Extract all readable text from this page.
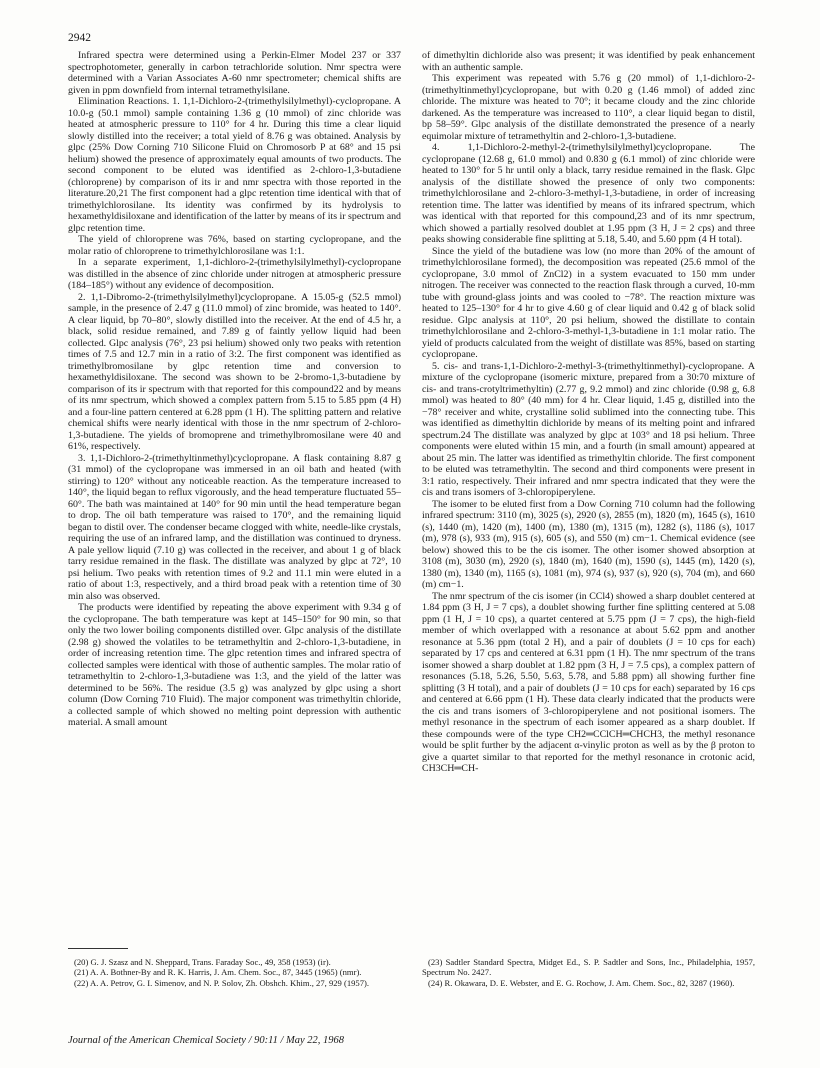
2942

Infrared spectra were determined using a Perkin-Elmer Model 237 or 337 spectrophotometer, generally in carbon tetrachloride solution. Nmr spectra were determined with a Varian Associates A-60 nmr spectrometer; chemical shifts are given in ppm downfield from internal tetramethylsilane.

Elimination Reactions. 1. 1,1-Dichloro-2-(trimethylsilylmethyl)-cyclopropane. A 10.0-g (50.1 mmol) sample containing 1.36 g (10 mmol) of zinc chloride was heated at atmospheric pressure to 110° for 4 hr. During this time a clear liquid slowly distilled into the receiver; a total yield of 8.76 g was obtained. Analysis by glpc (25% Dow Corning 710 Silicone Fluid on Chromosorb P at 68° and 15 psi helium) showed the presence of approximately equal amounts of two products. The second component to be eluted was identified as 2-chloro-1,3-butadiene (chloroprene) by comparison of its ir and nmr spectra with those reported in the literature.20,21 The first component had a glpc retention time identical with that of trimethylchlorosilane. Its identity was confirmed by its hydrolysis to hexamethyldisiloxane and identification of the latter by means of its ir spectrum and glpc retention time.

The yield of chloroprene was 76%, based on starting cyclopropane, and the molar ratio of chloroprene to trimethylchlorosilane was 1:1.

In a separate experiment, 1,1-dichloro-2-(trimethylsilylmethyl)-cyclopropane was distilled in the absence of zinc chloride under nitrogen at atmospheric pressure (184–185°) without any evidence of decomposition.

2. 1,1-Dibromo-2-(trimethylsilylmethyl)cyclopropane. A 15.05-g (52.5 mmol) sample, in the presence of 2.47 g (11.0 mmol) of zinc bromide, was heated to 140°. A clear liquid, bp 70–80°, slowly distilled into the receiver. At the end of 4.5 hr, a black, solid residue remained, and 7.89 g of faintly yellow liquid had been collected. Glpc analysis (76°, 23 psi helium) showed only two peaks with retention times of 7.5 and 12.7 min in a ratio of 3:2. The first component was identified as trimethylbromosilane by glpc retention time and conversion to hexamethyldisiloxane. The second was shown to be 2-bromo-1,3-butadiene by comparison of its ir spectrum with that reported for this compound22 and by means of its nmr spectrum, which showed a complex pattern from 5.15 to 5.85 ppm (4 H) and a four-line pattern centered at 6.28 ppm (1 H). The splitting pattern and relative chemical shifts were nearly identical with those in the nmr spectrum of 2-chloro-1,3-butadiene. The yields of bromoprene and trimethylbromosilane were 40 and 61%, respectively.

3. 1,1-Dichloro-2-(trimethyltinmethyl)cyclopropane. A flask containing 8.87 g (31 mmol) of the cyclopropane was immersed in an oil bath and heated (with stirring) to 120° without any noticeable reaction. As the temperature increased to 140°, the liquid began to reflux vigorously, and the head temperature fluctuated 55–60°. The bath was maintained at 140° for 90 min until the head temperature began to drop. The oil bath temperature was raised to 170°, and the remaining liquid began to distil over. The condenser became clogged with white, needle-like crystals, requiring the use of an infrared lamp, and the distillation was continued to dryness. A pale yellow liquid (7.10 g) was collected in the receiver, and about 1 g of black tarry residue remained in the flask. The distillate was analyzed by glpc at 72°, 10 psi helium. Two peaks with retention times of 9.2 and 11.1 min were eluted in a ratio of about 1:3, respectively, and a third broad peak with a retention time of 30 min also was observed.

The products were identified by repeating the above experiment with 9.34 g of the cyclopropane. The bath temperature was kept at 145–150° for 90 min, so that only the two lower boiling components distilled over. Glpc analysis of the distillate (2.98 g) showed the volatiles to be tetramethyltin and 2-chloro-1,3-butadiene, in order of increasing retention time. The glpc retention times and infrared spectra of collected samples were identical with those of authentic samples. The molar ratio of tetramethyltin to 2-chloro-1,3-butadiene was 1:3, and the yield of the latter was determined to be 56%. The residue (3.5 g) was analyzed by glpc using a short column (Dow Corning 710 Fluid). The major component was trimethyltin chloride, a collected sample of which showed no melting point depression with authentic material. A small amount

of dimethyltin dichloride also was present; it was identified by peak enhancement with an authentic sample.

This experiment was repeated with 5.76 g (20 mmol) of 1,1-dichloro-2-(trimethyltinmethyl)cyclopropane, but with 0.20 g (1.46 mmol) of added zinc chloride. The mixture was heated to 70°; it became cloudy and the zinc chloride darkened. As the temperature was increased to 110°, a clear liquid began to distil, bp 58–59°. Glpc analysis of the distillate demonstrated the presence of a nearly equimolar mixture of tetramethyltin and 2-chloro-1,3-butadiene.

4. 1,1-Dichloro-2-methyl-2-(trimethylsilylmethyl)cyclopropane. The cyclopropane (12.68 g, 61.0 mmol) and 0.830 g (6.1 mmol) of zinc chloride were heated to 130° for 5 hr until only a black, tarry residue remained in the flask. Glpc analysis of the distillate showed the presence of only two components: trimethylchlorosilane and 2-chloro-3-methyl-1,3-butadiene, in order of increasing retention time. The latter was identified by means of its infrared spectrum, which was identical with that reported for this compound,23 and of its nmr spectrum, which showed a partially resolved doublet at 1.95 ppm (3 H, J = 2 cps) and three peaks showing considerable fine splitting at 5.18, 5.40, and 5.60 ppm (4 H total).

Since the yield of the butadiene was low (no more than 20% of the amount of trimethylchlorosilane formed), the decomposition was repeated (25.6 mmol of the cyclopropane, 3.0 mmol of ZnCl2) in a system evacuated to 150 mm under nitrogen. The receiver was connected to the reaction flask through a curved, 10-mm tube with ground-glass joints and was cooled to −78°. The reaction mixture was heated to 125–130° for 4 hr to give 4.60 g of clear liquid and 0.42 g of black solid residue. Glpc analysis at 110°, 20 psi helium, showed the distillate to contain trimethylchlorosilane and 2-chloro-3-methyl-1,3-butadiene in 1:1 molar ratio. The yield of products calculated from the weight of distillate was 85%, based on starting cyclopropane.

5. cis- and trans-1,1-Dichloro-2-methyl-3-(trimethyltinmethyl)-cyclopropane. A mixture of the cyclopropane (isomeric mixture, prepared from a 30:70 mixture of cis- and trans-crotyltrimethyltin) (2.77 g, 9.2 mmol) and zinc chloride (0.98 g, 6.8 mmol) was heated to 80° (40 mm) for 4 hr. Clear liquid, 1.45 g, distilled into the −78° receiver and white, crystalline solid sublimed into the connecting tube. This was identified as dimethyltin dichloride by means of its melting point and infrared spectrum.24 The distillate was analyzed by glpc at 103° and 18 psi helium. Three components were eluted within 15 min, and a fourth (in small amount) appeared at about 25 min. The latter was identified as trimethyltin chloride. The first component to be eluted was tetramethyltin. The second and third components were present in 3:1 ratio, respectively. Their infrared and nmr spectra indicated that they were the cis and trans isomers of 3-chloropiperylene.

The isomer to be eluted first from a Dow Corning 710 column had the following infrared spectrum: 3110 (m), 3025 (s), 2920 (s), 2855 (m), 1820 (m), 1645 (s), 1610 (s), 1440 (m), 1420 (m), 1400 (m), 1380 (m), 1315 (m), 1282 (s), 1186 (s), 1017 (m), 978 (s), 933 (m), 915 (s), 605 (s), and 550 (m) cm−1. Chemical evidence (see below) showed this to be the cis isomer. The other isomer showed absorption at 3108 (m), 3030 (m), 2920 (s), 1840 (m), 1640 (m), 1590 (s), 1445 (m), 1420 (s), 1380 (m), 1340 (m), 1165 (s), 1081 (m), 974 (s), 937 (s), 920 (s), 704 (m), and 660 (m) cm−1.

The nmr spectrum of the cis isomer (in CCl4) showed a sharp doublet centered at 1.84 ppm (3 H, J = 7 cps), a doublet showing further fine splitting centered at 5.08 ppm (1 H, J = 10 cps), a quartet centered at 5.75 ppm (J = 7 cps), the high-field member of which overlapped with a resonance at about 5.62 ppm and another resonance at 5.36 ppm (total 2 H), and a pair of doublets (J = 10 cps for each) separated by 17 cps and centered at 6.31 ppm (1 H). The nmr spectrum of the trans isomer showed a sharp doublet at 1.82 ppm (3 H, J = 7.5 cps), a complex pattern of resonances (5.18, 5.26, 5.50, 5.63, 5.78, and 5.88 ppm) all showing further fine splitting (3 H total), and a pair of doublets (J = 10 cps for each) separated by 16 cps and centered at 6.66 ppm (1 H). These data clearly indicated that the products were the cis and trans isomers of 3-chloropiperylene and not positional isomers. The methyl resonance in the spectrum of each isomer appeared as a sharp doublet. If these compounds were of the type CH2═CClCH═CHCH3, the methyl resonance would be split further by the adjacent α-vinylic proton as well as by the β proton to give a quartet similar to that reported for the methyl resonance in crotonic acid, CH3CH═CH-

(20) G. J. Szasz and N. Sheppard, Trans. Faraday Soc., 49, 358 (1953) (ir).

(21) A. A. Bothner-By and R. K. Harris, J. Am. Chem. Soc., 87, 3445 (1965) (nmr).

(22) A. A. Petrov, G. I. Simenov, and N. P. Solov, Zh. Obshch. Khim., 27, 929 (1957).

(23) Sadtler Standard Spectra, Midget Ed., S. P. Sadtler and Sons, Inc., Philadelphia, 1957, Spectrum No. 2427.

(24) R. Okawara, D. E. Webster, and E. G. Rochow, J. Am. Chem. Soc., 82, 3287 (1960).

Journal of the American Chemical Society / 90:11 / May 22, 1968
